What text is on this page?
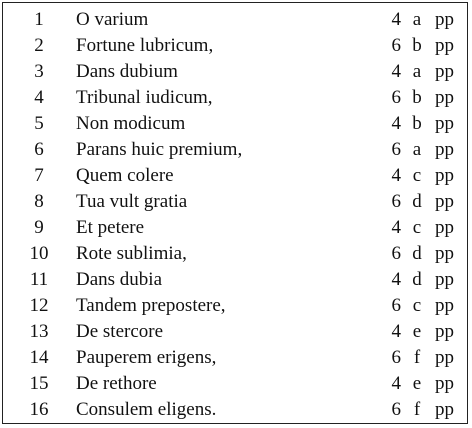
1	O varium	4 a pp
2	Fortune lubricum,	6 b pp
3	Dans dubium	4 a pp
4	Tribunal iudicum,	6 b pp
5	Non modicum	4 b pp
6	Parans huic premium,	6 a pp
7	Quem colere	4 c pp
8	Tua vult gratia	6 d pp
9	Et petere	4 c pp
10	Rote sublimia,	6 d pp
11	Dans dubia	4 d pp
12	Tandem prepostere,	6 c pp
13	De stercore	4 e pp
14	Pauperem erigens,	6 f pp
15	De rethore	4 e pp
16	Consulem eligens.	6 f pp
